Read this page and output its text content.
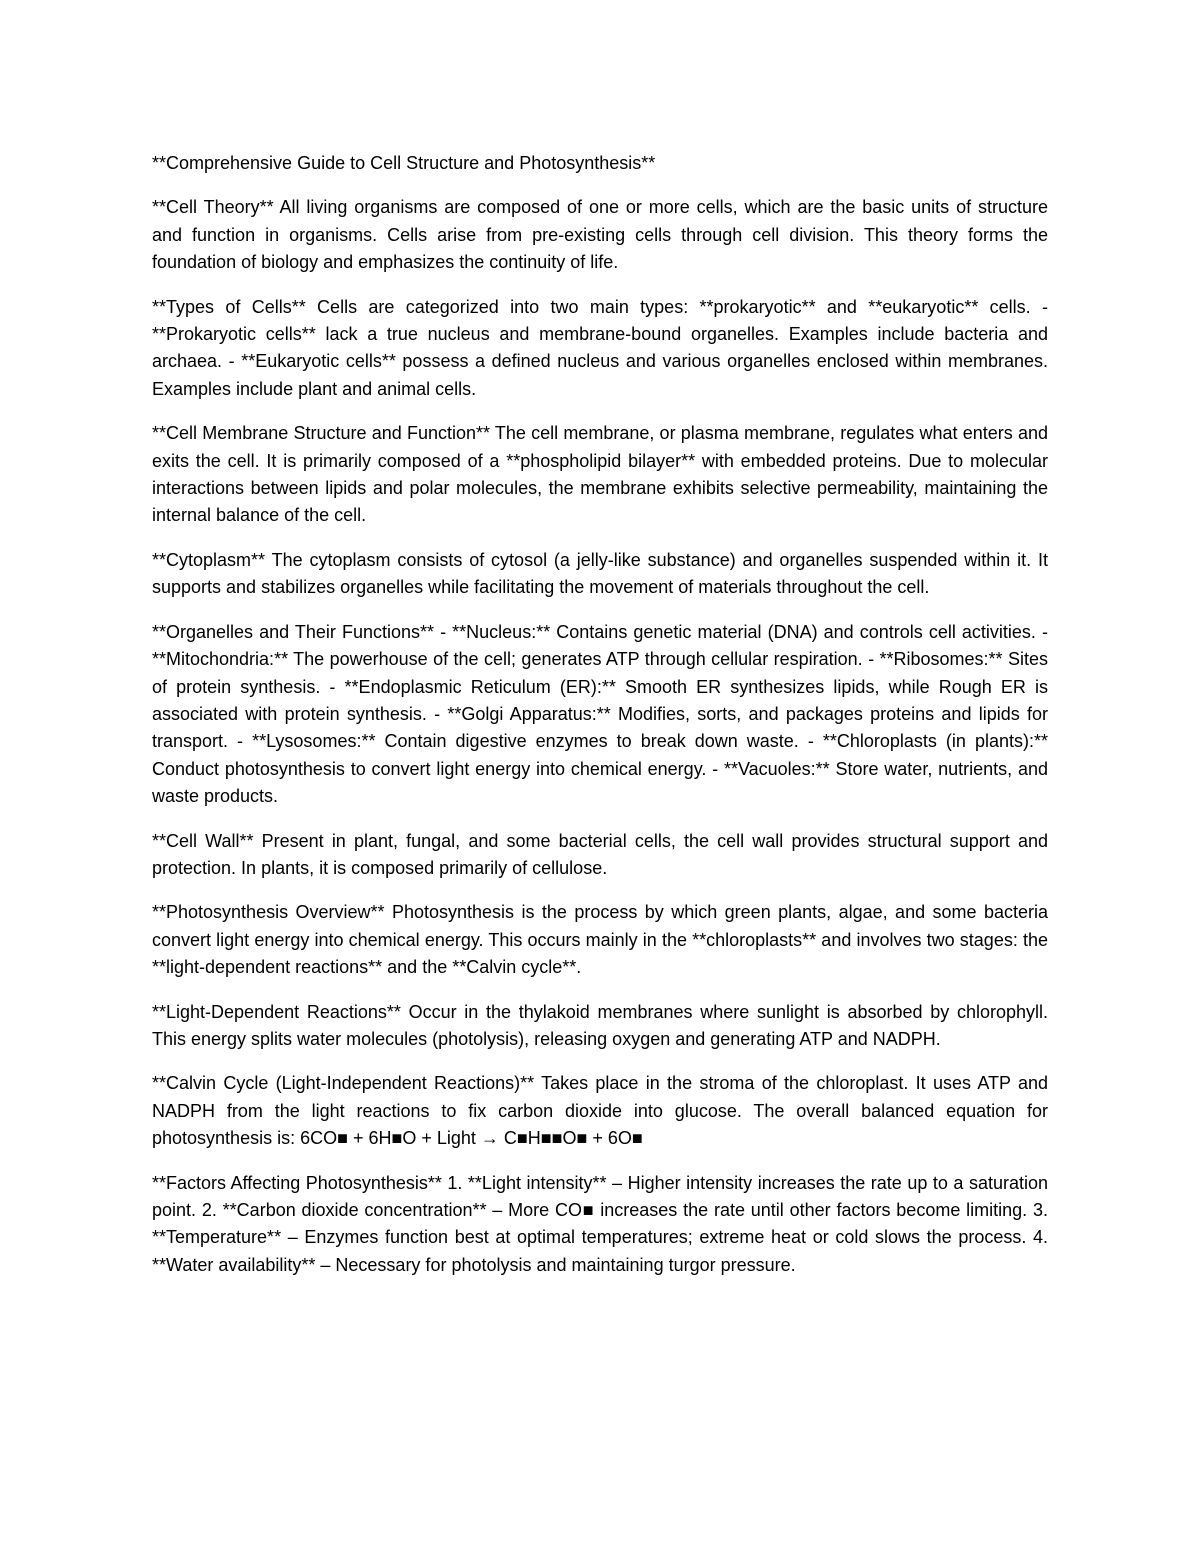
**Comprehensive Guide to Cell Structure and Photosynthesis**

**Cell Theory** All living organisms are composed of one or more cells, which are the basic units of structure and function in organisms. Cells arise from pre-existing cells through cell division. This theory forms the foundation of biology and emphasizes the continuity of life.

**Types of Cells** Cells are categorized into two main types: **prokaryotic** and **eukaryotic** cells. - **Prokaryotic cells** lack a true nucleus and membrane-bound organelles. Examples include bacteria and archaea. - **Eukaryotic cells** possess a defined nucleus and various organelles enclosed within membranes. Examples include plant and animal cells.

**Cell Membrane Structure and Function** The cell membrane, or plasma membrane, regulates what enters and exits the cell. It is primarily composed of a **phospholipid bilayer** with embedded proteins. Due to molecular interactions between lipids and polar molecules, the membrane exhibits selective permeability, maintaining the internal balance of the cell.

**Cytoplasm** The cytoplasm consists of cytosol (a jelly-like substance) and organelles suspended within it. It supports and stabilizes organelles while facilitating the movement of materials throughout the cell.

**Organelles and Their Functions** - **Nucleus:** Contains genetic material (DNA) and controls cell activities. - **Mitochondria:** The powerhouse of the cell; generates ATP through cellular respiration. - **Ribosomes:** Sites of protein synthesis. - **Endoplasmic Reticulum (ER):** Smooth ER synthesizes lipids, while Rough ER is associated with protein synthesis. - **Golgi Apparatus:** Modifies, sorts, and packages proteins and lipids for transport. - **Lysosomes:** Contain digestive enzymes to break down waste. - **Chloroplasts (in plants):** Conduct photosynthesis to convert light energy into chemical energy. - **Vacuoles:** Store water, nutrients, and waste products.

**Cell Wall** Present in plant, fungal, and some bacterial cells, the cell wall provides structural support and protection. In plants, it is composed primarily of cellulose.

**Photosynthesis Overview** Photosynthesis is the process by which green plants, algae, and some bacteria convert light energy into chemical energy. This occurs mainly in the **chloroplasts** and involves two stages: the **light-dependent reactions** and the **Calvin cycle**.

**Light-Dependent Reactions** Occur in the thylakoid membranes where sunlight is absorbed by chlorophyll. This energy splits water molecules (photolysis), releasing oxygen and generating ATP and NADPH.

**Calvin Cycle (Light-Independent Reactions)** Takes place in the stroma of the chloroplast. It uses ATP and NADPH from the light reactions to fix carbon dioxide into glucose. The overall balanced equation for photosynthesis is: 6CO■ + 6H■O + Light → C■H■■O■ + 6O■

**Factors Affecting Photosynthesis** 1. **Light intensity** – Higher intensity increases the rate up to a saturation point. 2. **Carbon dioxide concentration** – More CO■ increases the rate until other factors become limiting. 3. **Temperature** – Enzymes function best at optimal temperatures; extreme heat or cold slows the process. 4. **Water availability** – Necessary for photolysis and maintaining turgor pressure.
